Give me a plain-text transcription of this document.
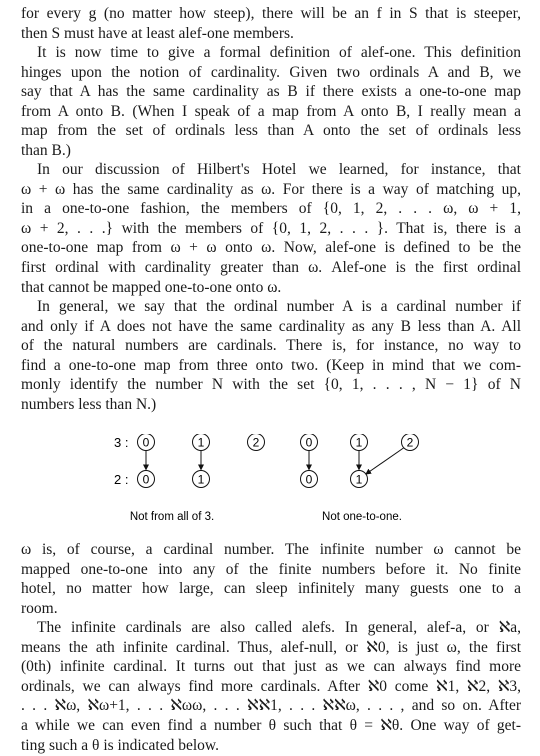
for every g (no matter how steep), there will be an f in S that is steeper,
then S must have at least alef-one members.

It is now time to give a formal definition of alef-one. This definition
hinges upon the notion of cardinality. Given two ordinals A and B, we
say that A has the same cardinality as B if there exists a one-to-one map
from A onto B. (When I speak of a map from A onto B, I really mean a
map from the set of ordinals less than A onto the set of ordinals less
than B.)

In our discussion of Hilbert's Hotel we learned, for instance, that
ω + ω has the same cardinality as ω. For there is a way of matching up,
in a one-to-one fashion, the members of {0, 1, 2, . . . ω, ω + 1,
ω + 2, . . .} with the members of {0, 1, 2, . . . }. That is, there is a
one-to-one map from ω + ω onto ω. Now, alef-one is defined to be the
first ordinal with cardinality greater than ω. Alef-one is the first ordinal
that cannot be mapped one-to-one onto ω.

In general, we say that the ordinal number A is a cardinal number if
and only if A does not have the same cardinality as any B less than A. All
of the natural numbers are cardinals. There is, for instance, no way to
find a one-to-one map from three onto two. (Keep in mind that we com-
monly identify the number N with the set {0, 1, . . . , N − 1} of N
numbers less than N.)

3 :
2 :
0	1	2
0	1
0	1	2
0	1
Not from all of 3.	Not one-to-one.

ω is, of course, a cardinal number. The infinite number ω cannot be
mapped one-to-one into any of the finite numbers before it. No finite
hotel, no matter how large, can sleep infinitely many guests one to a
room.

The infinite cardinals are also called alefs. In general, alef-a, or ℵa,
means the ath infinite cardinal. Thus, alef-null, or ℵ0, is just ω, the first
(0th) infinite cardinal. It turns out that just as we can always find more
ordinals, we can always find more cardinals. After ℵ0 come ℵ1, ℵ2, ℵ3,
. . . ℵω, ℵω+1, . . . ℵωω, . . . ℵℵ1, . . . ℵℵω, . . . , and so on. After
a while we can even find a number θ such that θ = ℵθ. One way of get-
ting such a θ is indicated below.
